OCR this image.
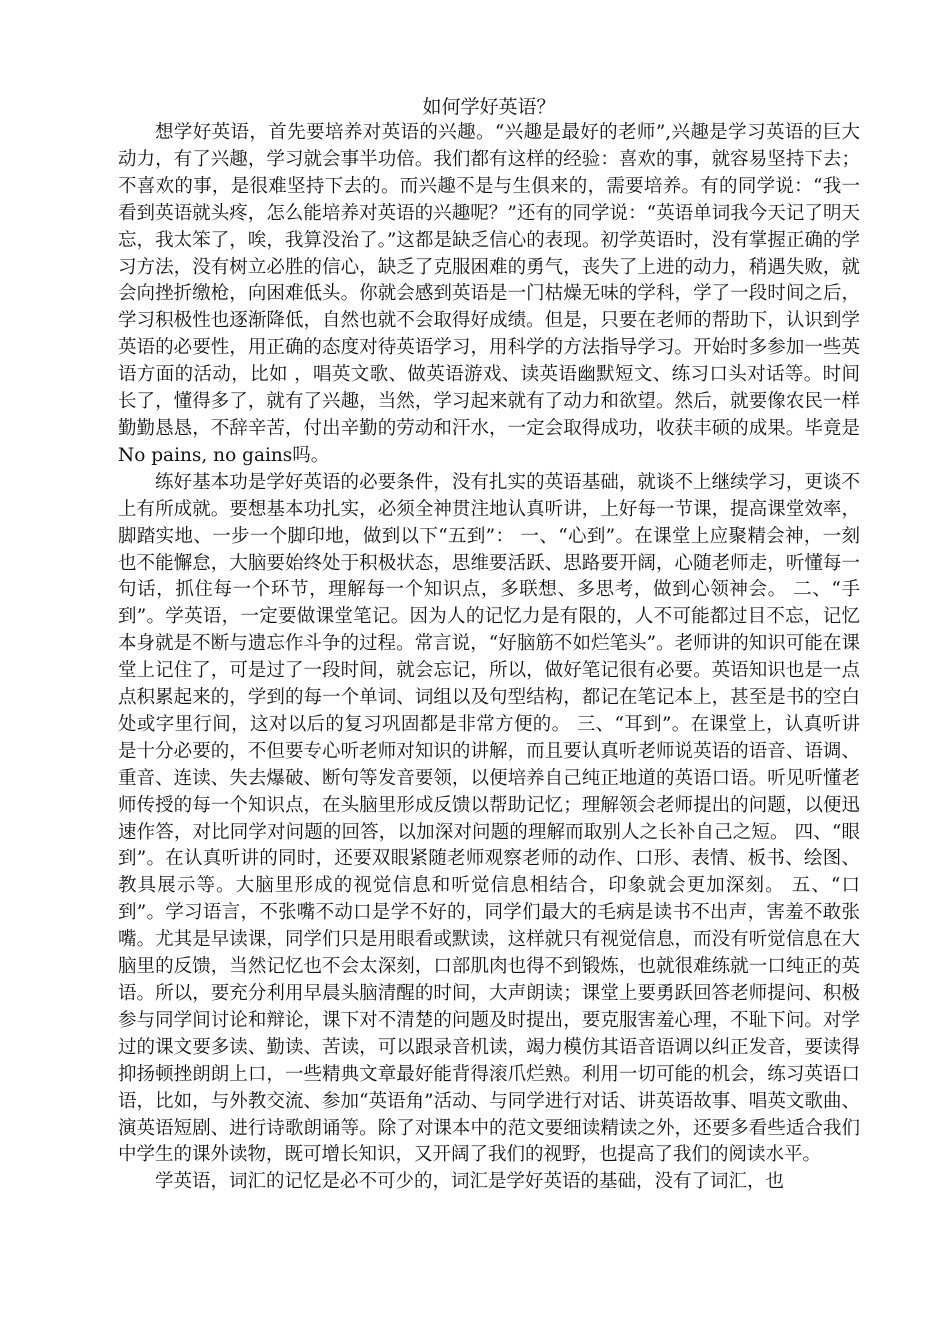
如何学好英语？

想学好英语，首先要培养对英语的兴趣。“兴趣是最好的老师”,兴趣是学习英语的巨大动力，有了兴趣，学习就会事半功倍。我们都有这样的经验：喜欢的事，就容易坚持下去；不喜欢的事，是很难坚持下去的。而兴趣不是与生俱来的，需要培养。有的同学说：“我一看到英语就头疼，怎么能培养对英语的兴趣呢？”还有的同学说：“英语单词我今天记了明天忘，我太笨了，唉，我算没治了。”这都是缺乏信心的表现。初学英语时，没有掌握正确的学习方法，没有树立必胜的信心，缺乏了克服困难的勇气，丧失了上进的动力，稍遇失败，就会向挫折缴枪，向困难低头。你就会感到英语是一门枯燥无味的学科，学了一段时间之后，学习积极性也逐渐降低，自然也就不会取得好成绩。但是，只要在老师的帮助下，认识到学英语的必要性，用正确的态度对待英语学习，用科学的方法指导学习。开始时多参加一些英语方面的活动，比如 ，唱英文歌、做英语游戏、读英语幽默短文、练习口头对话等。时间长了，懂得多了，就有了兴趣，当然，学习起来就有了动力和欲望。然后，就要像农民一样勤勤恳恳，不辞辛苦，付出辛勤的劳动和汗水，一定会取得成功，收获丰硕的成果。毕竟是No pains, no gains吗。

练好基本功是学好英语的必要条件，没有扎实的英语基础，就谈不上继续学习，更谈不上有所成就。要想基本功扎实，必须全神贯注地认真听讲，上好每一节课，提高课堂效率，脚踏实地、一步一个脚印地，做到以下“五到”： 一、“心到”。在课堂上应聚精会神，一刻也不能懈怠，大脑要始终处于积极状态，思维要活跃、思路要开阔，心随老师走，听懂每一句话，抓住每一个环节，理解每一个知识点，多联想、多思考，做到心领神会。 二、“手到”。学英语，一定要做课堂笔记。因为人的记忆力是有限的，人不可能都过目不忘，记忆本身就是不断与遗忘作斗争的过程。常言说，“好脑筋不如烂笔头”。老师讲的知识可能在课堂上记住了，可是过了一段时间，就会忘记，所以，做好笔记很有必要。英语知识也是一点点积累起来的，学到的每一个单词、词组以及句型结构，都记在笔记本上，甚至是书的空白处或字里行间，这对以后的复习巩固都是非常方便的。 三、“耳到”。在课堂上，认真听讲是十分必要的，不但要专心听老师对知识的讲解，而且要认真听老师说英语的语音、语调、重音、连读、失去爆破、断句等发音要领，以便培养自己纯正地道的英语口语。听见听懂老师传授的每一个知识点，在头脑里形成反馈以帮助记忆；理解领会老师提出的问题，以便迅速作答，对比同学对问题的回答，以加深对问题的理解而取别人之长补自己之短。 四、“眼到”。在认真听讲的同时，还要双眼紧随老师观察老师的动作、口形、表情、板书、绘图、教具展示等。大脑里形成的视觉信息和听觉信息相结合，印象就会更加深刻。 五、“口到”。学习语言，不张嘴不动口是学不好的，同学们最大的毛病是读书不出声，害羞不敢张嘴。尤其是早读课，同学们只是用眼看或默读，这样就只有视觉信息，而没有听觉信息在大脑里的反馈，当然记忆也不会太深刻，口部肌肉也得不到锻炼，也就很难练就一口纯正的英语。所以，要充分利用早晨头脑清醒的时间，大声朗读；课堂上要勇跃回答老师提问、积极参与同学间讨论和辩论，课下对不清楚的问题及时提出，要克服害羞心理，不耻下问。对学过的课文要多读、勤读、苦读，可以跟录音机读，竭力模仿其语音语调以纠正发音，要读得抑扬顿挫朗朗上口，一些精典文章最好能背得滚爪烂熟。利用一切可能的机会，练习英语口语，比如，与外教交流、参加“英语角”活动、与同学进行对话、讲英语故事、唱英文歌曲、演英语短剧、进行诗歌朗诵等。除了对课本中的范文要细读精读之外，还要多看些适合我们中学生的课外读物，既可增长知识，又开阔了我们的视野，也提高了我们的阅读水平。

学英语，词汇的记忆是必不可少的，词汇是学好英语的基础，没有了词汇，也
